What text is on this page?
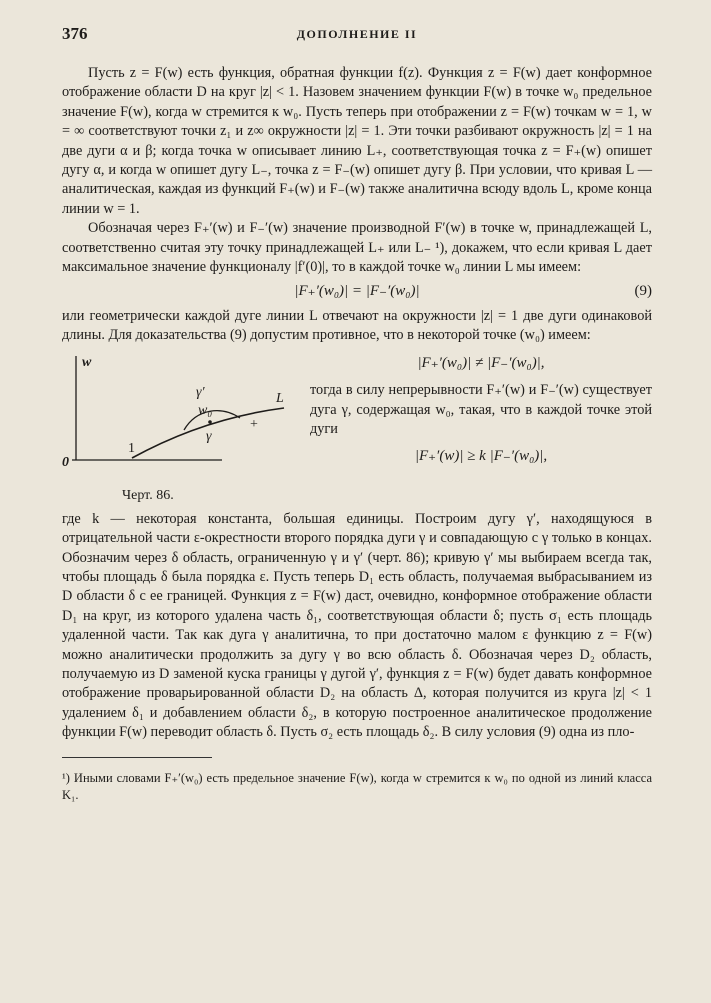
376	ДОПОЛНЕНИЕ II

Пусть z = F(w) есть функция, обратная функции f(z). Функция z = F(w) дает конформное отображение области D на круг |z| < 1. Назовем значением функции F(w) в точке w₀ предельное значение F(w), когда w стремится к w₀. Пусть теперь при отображении z = F(w) точкам w = 1, w = ∞ соответствуют точки z₁ и z∞ окружности |z| = 1. Эти точки разбивают окружность |z| = 1 на две дуги α и β; когда точка w описывает линию L₊, соответствующая точка z = F₊(w) опишет дугу α, и когда w опишет дугу L₋, точка z = F₋(w) опишет дугу β. При условии, что кривая L — аналитическая, каждая из функций F₊(w) и F₋(w) также аналитична всюду вдоль L, кроме конца линии w = 1.

Обозначая через F₊′(w) и F₋′(w) значение производной F′(w) в точке w, принадлежащей L, соответственно считая эту точку принадлежащей L₊ или L₋ ¹), докажем, что если кривая L дает максимальное значение функционалу |f′(0)|, то в каждой точке w₀ линии L мы имеем:

|F₊′(w₀)| = |F₋′(w₀)|	(9)

или геометрически каждой дуге линии L отвечают на окружности |z| = 1 две дуги одинаковой длины. Для доказательства (9) допустим противное, что в некоторой точке (w₀) имеем:

w
0
1
L
w₀
γ′
γ
+
Черт. 86.
|F₊′(w₀)| ≠ |F₋′(w₀)|,

тогда в силу непрерывности F₊′(w) и F₋′(w) существует дуга γ, содержащая w₀, такая, что в каждой точке этой дуги

|F₊′(w)| ≥ k |F₋′(w₀)|,

где k — некоторая константа, большая единицы. Построим дугу γ′, находящуюся в отрицательной части ε-окрестности второго порядка дуги γ и совпадающую с γ только в концах. Обозначим через δ область, ограниченную γ и γ′ (черт. 86); кривую γ′ мы выбираем всегда так, чтобы площадь δ была порядка ε. Пусть теперь D₁ есть область, получаемая выбрасыванием из D области δ с ее границей. Функция z = F(w) даст, очевидно, конформное отображение области D₁ на круг, из которого удалена часть δ₁, соответствующая области δ; пусть σ₁ есть площадь удаленной части. Так как дуга γ аналитична, то при достаточно малом ε функцию z = F(w) можно аналитически продолжить за дугу γ во всю область δ. Обозначая через D₂ область, получаемую из D заменой куска границы γ дугой γ′, функция z = F(w) будет давать конформное отображение проварьированной области D₂ на область Δ, которая получится из круга |z| < 1 удалением δ₁ и добавлением области δ₂, в которую построенное аналитическое продолжение функции F(w) переводит область δ. Пусть σ₂ есть площадь δ₂. В силу условия (9) одна из пло-

¹) Иными словами F₊′(w₀) есть предельное значение F(w), когда w стремится к w₀ по одной из линий класса K₁.
